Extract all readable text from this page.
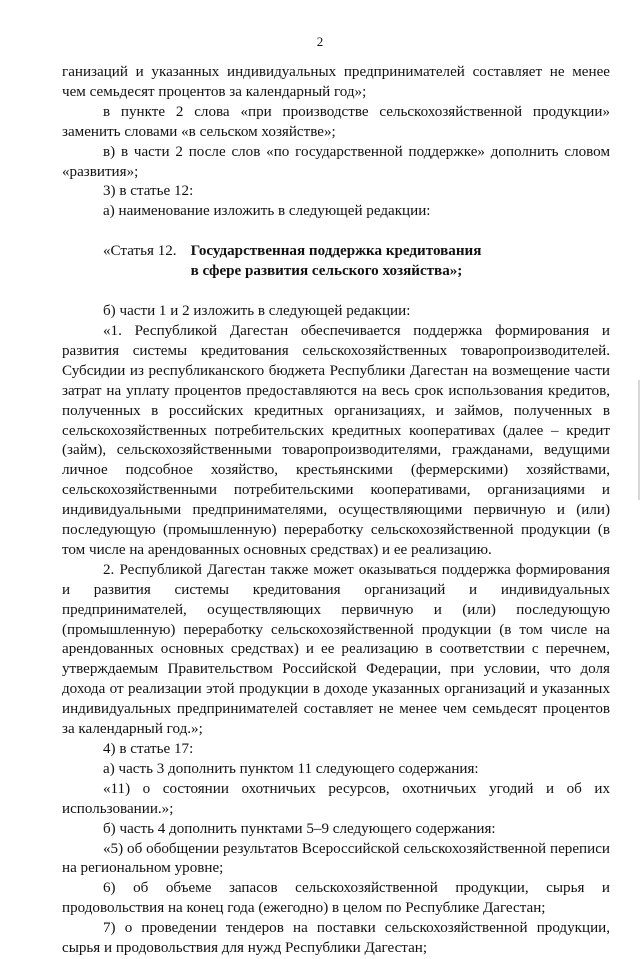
2

ганизаций и указанных индивидуальных предпринимателей составляет не менее чем семьдесят процентов за календарный год»;

в пункте 2 слова «при производстве сельскохозяйственной продукции» заменить словами «в сельском хозяйстве»;

в) в части 2 после слов «по государственной поддержке» дополнить словом «развития»;

3) в статье 12:

а) наименование изложить в следующей редакции:

«Статья 12. Государственная поддержка кредитования
в сфере развития сельского хозяйства»;

б) части 1 и 2 изложить в следующей редакции:

«1. Республикой Дагестан обеспечивается поддержка формирования и развития системы кредитования сельскохозяйственных товаропроизводителей. Субсидии из республиканского бюджета Республики Дагестан на возмещение части затрат на уплату процентов предоставляются на весь срок использования кредитов, полученных в российских кредитных организациях, и займов, полученных в сельскохозяйственных потребительских кредитных кооперативах (далее – кредит (займ), сельскохозяйственными товаропроизводителями, гражданами, ведущими личное подсобное хозяйство, крестьянскими (фермерскими) хозяйствами, сельскохозяйственными потребительскими кооперативами, организациями и индивидуальными предпринимателями, осуществляющими первичную и (или) последующую (промышленную) переработку сельскохозяйственной продукции (в том числе на арендованных основных средствах) и ее реализацию.

2. Республикой Дагестан также может оказываться поддержка формирования и развития системы кредитования организаций и индивидуальных предпринимателей, осуществляющих первичную и (или) последующую (промышленную) переработку сельскохозяйственной продукции (в том числе на арендованных основных средствах) и ее реализацию в соответствии с перечнем, утверждаемым Правительством Российской Федерации, при условии, что доля дохода от реализации этой продукции в доходе указанных организаций и указанных индивидуальных предпринимателей составляет не менее чем семьдесят процентов за календарный год.»;

4) в статье 17:

а) часть 3 дополнить пунктом 11 следующего содержания:

«11) о состоянии охотничьих ресурсов, охотничьих угодий и об их использовании.»;

б) часть 4 дополнить пунктами 5–9 следующего содержания:

«5) об обобщении результатов Всероссийской сельскохозяйственной переписи на региональном уровне;

6) об объеме запасов сельскохозяйственной продукции, сырья и продовольствия на конец года (ежегодно) в целом по Республике Дагестан;

7) о проведении тендеров на поставки сельскохозяйственной продукции, сырья и продовольствия для нужд Республики Дагестан;
